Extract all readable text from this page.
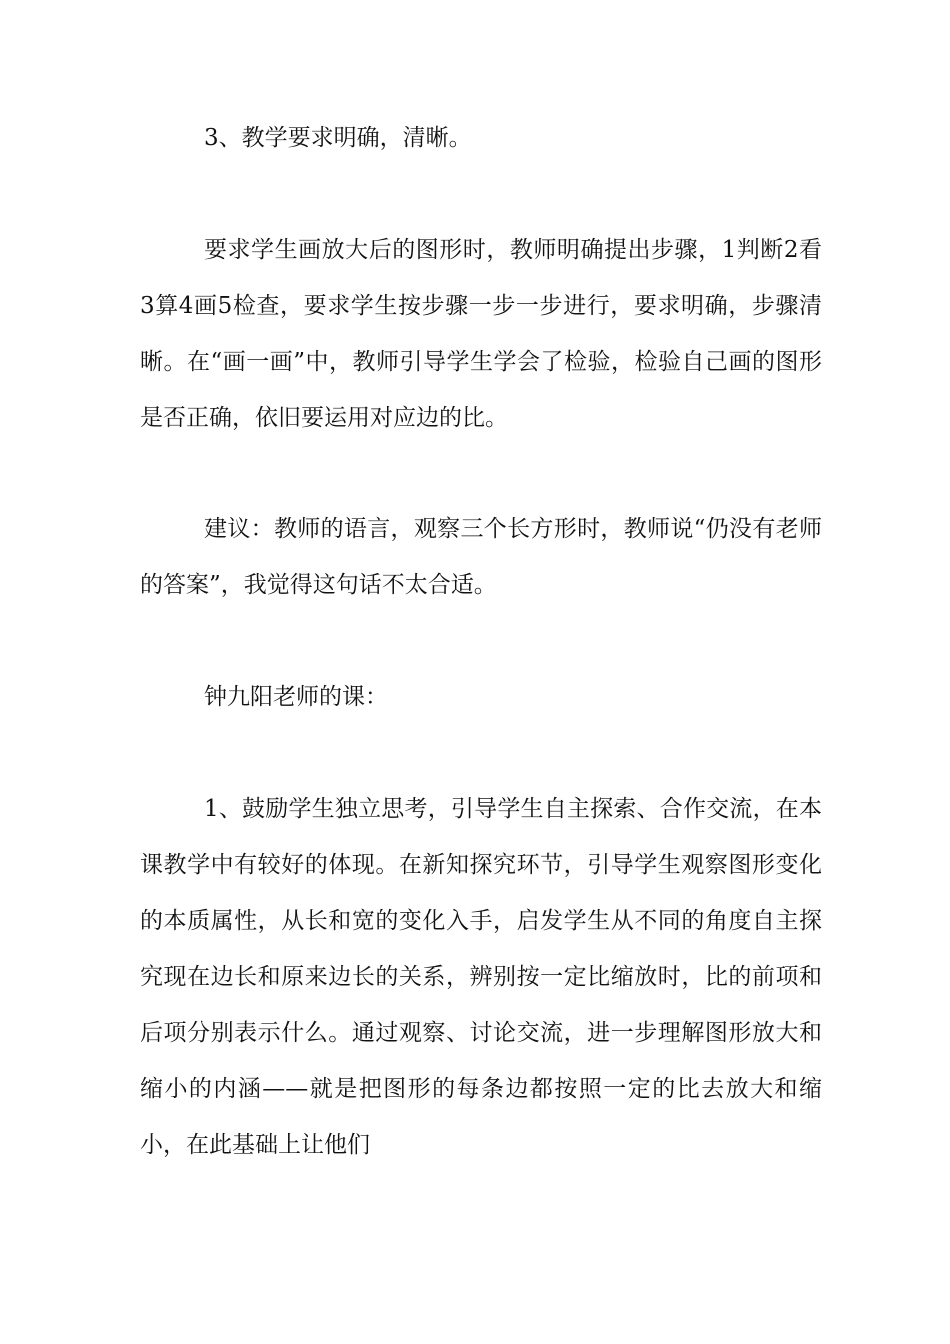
3、教学要求明确，清晰。

要求学生画放大后的图形时，教师明确提出步骤，1判断2看3算4画5检查，要求学生按步骤一步一步进行，要求明确，步骤清晰。在“画一画”中，教师引导学生学会了检验，检验自己画的图形是否正确，依旧要运用对应边的比。

建议：教师的语言，观察三个长方形时，教师说“仍没有老师的答案”，我觉得这句话不太合适。

钟九阳老师的课：

1、鼓励学生独立思考，引导学生自主探索、合作交流，在本课教学中有较好的体现。在新知探究环节，引导学生观察图形变化的本质属性，从长和宽的变化入手，启发学生从不同的角度自主探究现在边长和原来边长的关系，辨别按一定比缩放时，比的前项和后项分别表示什么。通过观察、讨论交流，进一步理解图形放大和缩小的内涵——就是把图形的每条边都按照一定的比去放大和缩小，在此基础上让他们
